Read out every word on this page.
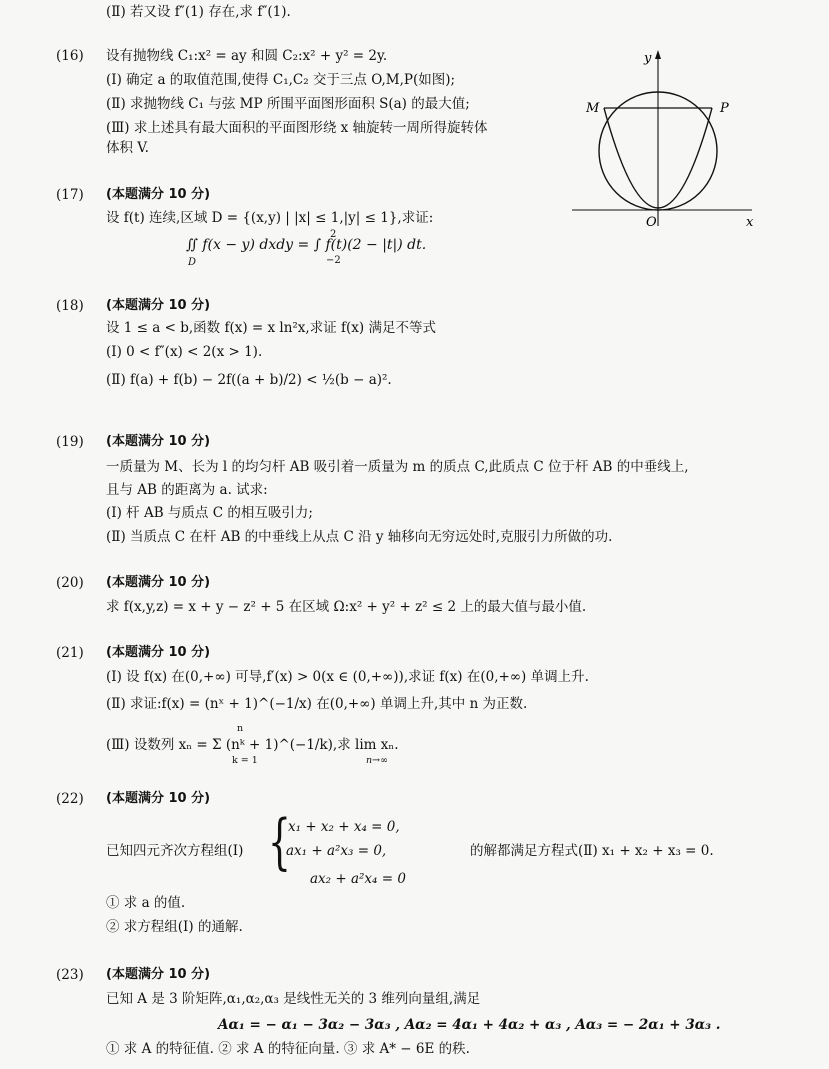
(Ⅱ) 若又设 f″(1) 存在,求 f″(1).
(16) 设有抛物线 C₁:x² = ay 和圆 C₂:x² + y² = 2y.
(Ⅰ) 确定 a 的取值范围,使得 C₁,C₂ 交于三点 O,M,P(如图);
(Ⅱ) 求抛物线 C₁ 与弦 MP 所围平面图形面积 S(a) 的最大值;
(Ⅲ) 求上述具有最大面积的平面图形绕 x 轴旋转一周所得旋转体
体积 V.
y
x
M	P
O
(17) (本题满分 10 分)
设 f(t) 连续,区域 D = {(x,y) | |x| ≤ 1,|y| ≤ 1},求证:
∬ f(x − y) dxdy = ∫ f(t)(2 − |t|) dt.
D
2
−2
(18) (本题满分 10 分)
设 1 ≤ a < b,函数 f(x) = x ln²x,求证 f(x) 满足不等式
(Ⅰ) 0 < f″(x) < 2(x > 1).
(Ⅱ) f(a) + f(b) − 2f((a + b)/2) < ½(b − a)².
(19) (本题满分 10 分)
一质量为 M、长为 l 的均匀杆 AB 吸引着一质量为 m 的质点 C,此质点 C 位于杆 AB 的中垂线上,
且与 AB 的距离为 a. 试求:
(Ⅰ) 杆 AB 与质点 C 的相互吸引力;
(Ⅱ) 当质点 C 在杆 AB 的中垂线上从点 C 沿 y 轴移向无穷远处时,克服引力所做的功.
(20) (本题满分 10 分)
求 f(x,y,z) = x + y − z² + 5 在区域 Ω:x² + y² + z² ≤ 2 上的最大值与最小值.
(21) (本题满分 10 分)
(Ⅰ) 设 f(x) 在(0,+∞) 可导,f′(x) > 0(x ∈ (0,+∞)),求证 f(x) 在(0,+∞) 单调上升.
(Ⅱ) 求证:f(x) = (nˣ + 1)^(−1/x) 在(0,+∞) 单调上升,其中 n 为正数.
n
(Ⅲ) 设数列 xₙ = Σ (nᵏ + 1)^(−1/k),求 lim xₙ.
k = 1	n→∞
(22) (本题满分 10 分)
已知四元齐次方程组(Ⅰ) {
x₁ + x₂ + x₄ = 0,
ax₁ + a²x₃ = 0,
ax₂ + a²x₄ = 0
的解都满足方程式(Ⅱ) x₁ + x₂ + x₃ = 0.
① 求 a 的值.
② 求方程组(Ⅰ) 的通解.
(23) (本题满分 10 分)
已知 A 是 3 阶矩阵,α₁,α₂,α₃ 是线性无关的 3 维列向量组,满足
Aα₁ = − α₁ − 3α₂ − 3α₃ , Aα₂ = 4α₁ + 4α₂ + α₃ , Aα₃ = − 2α₁ + 3α₃ .
① 求 A 的特征值. ② 求 A 的特征向量. ③ 求 A* − 6E 的秩.
